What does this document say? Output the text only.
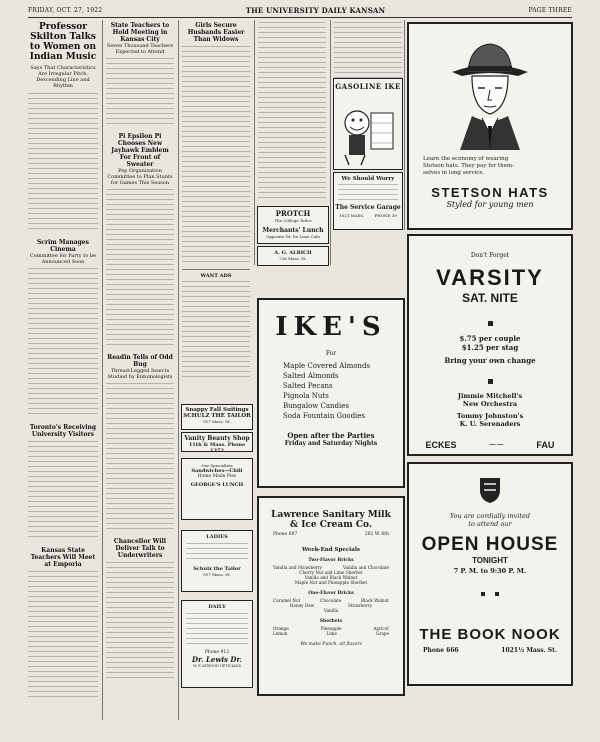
FRIDAY, OCT. 27, 1922	THE UNIVERSITY DAILY KANSAN	PAGE THREE
Professor Skilton Talks to Women on Indian Music
Says That Characteristics Are Irregular Pitch, Descending Line and Rhythm
Scrim Manages Cinema
Committee for Party to be Announced Soon
Toronto's Receiving University Visitors
Kansas State Teachers Will Meet at Emporia
State Teachers to Hold Meeting in Kansas City
Seven Thousand Teachers Expected to Attend
Pi Epsilon Pi Chooses New Jayhawk Emblem For Front of Sweater
Pep Organization Committee to Plan Stunts for Games This Season
Readin Tells of Odd Bug
Thread-Legged Insects Studied by Entomologists
Chancellor Will Deliver Talk to Underwriters
Girls Secure Husbands Easier Than Widows
WANT ADS
Snappy Fall Suitings
SCHULZ THE TAILOR
917 Mass. St.
Vanity Beauty Shop
11th & Mass. Phone 1372
Our Specialties
Sandwiches—Chili
Home Made Pies
GEORGE'S LUNCH
LADIES
Schulz the Tailor
917 Mass. St.
DAILY
Phone 912
Dr. Lewis Dr.
W. P. ATWOOD OPTICIANS
PROTCH
The College Tailor
Merchants' Lunch
Opposite Dr. De Luxe Cafe
A. G. ALRICH
736 Mass. St.
GASOLINE IKE
We Should Worry
The Service Garage
1021 MASS.	PHONE 39
IKE'S
For
Maple Covered Almonds
Salted Almonds
Salted Pecans
Pignola Nuts
Bungalow Candies
Soda Fountain Goodies
Open after the Parties
Friday and Saturday Nights
Lawrence Sanitary Milk
& Ice Cream Co.
Phone 697	202 W. 6th
Week-End Specials
Two-Flavor Bricks
Vanilla and Strawberry	Vanilla and Chocolate
Cherry Nut and Lime Sherbet
Vanilla and Black Walnut
Maple Nut and Pineapple Sherbet
One-Flavor Bricks
Caramel Nut	Chocolate	Black Walnut
Honey Dew	Strawberry
Vanilla
Sherbets
Orange	Pineapple	Apricot
Lemon	Lime	Grape
We make Punch, all flavors
Learn the economy of wearing
Stetson hats. They pay for them-
selves in long service.
STETSON HATS
Styled for young men
Don't Forget
VARSITY
SAT. NITE
$.75 per couple
$1.25 per stag
Bring your own change
Jimmie Mitchell's
New Orchestra
Tommy Johnston's
K. U. Serenaders
ECKES	— —	FAU
You are cordially invited
to attend our
OPEN HOUSE
TONIGHT
7 P. M. to 9:30 P. M.

THE BOOK NOOK
Phone 666	1021½ Mass. St.
